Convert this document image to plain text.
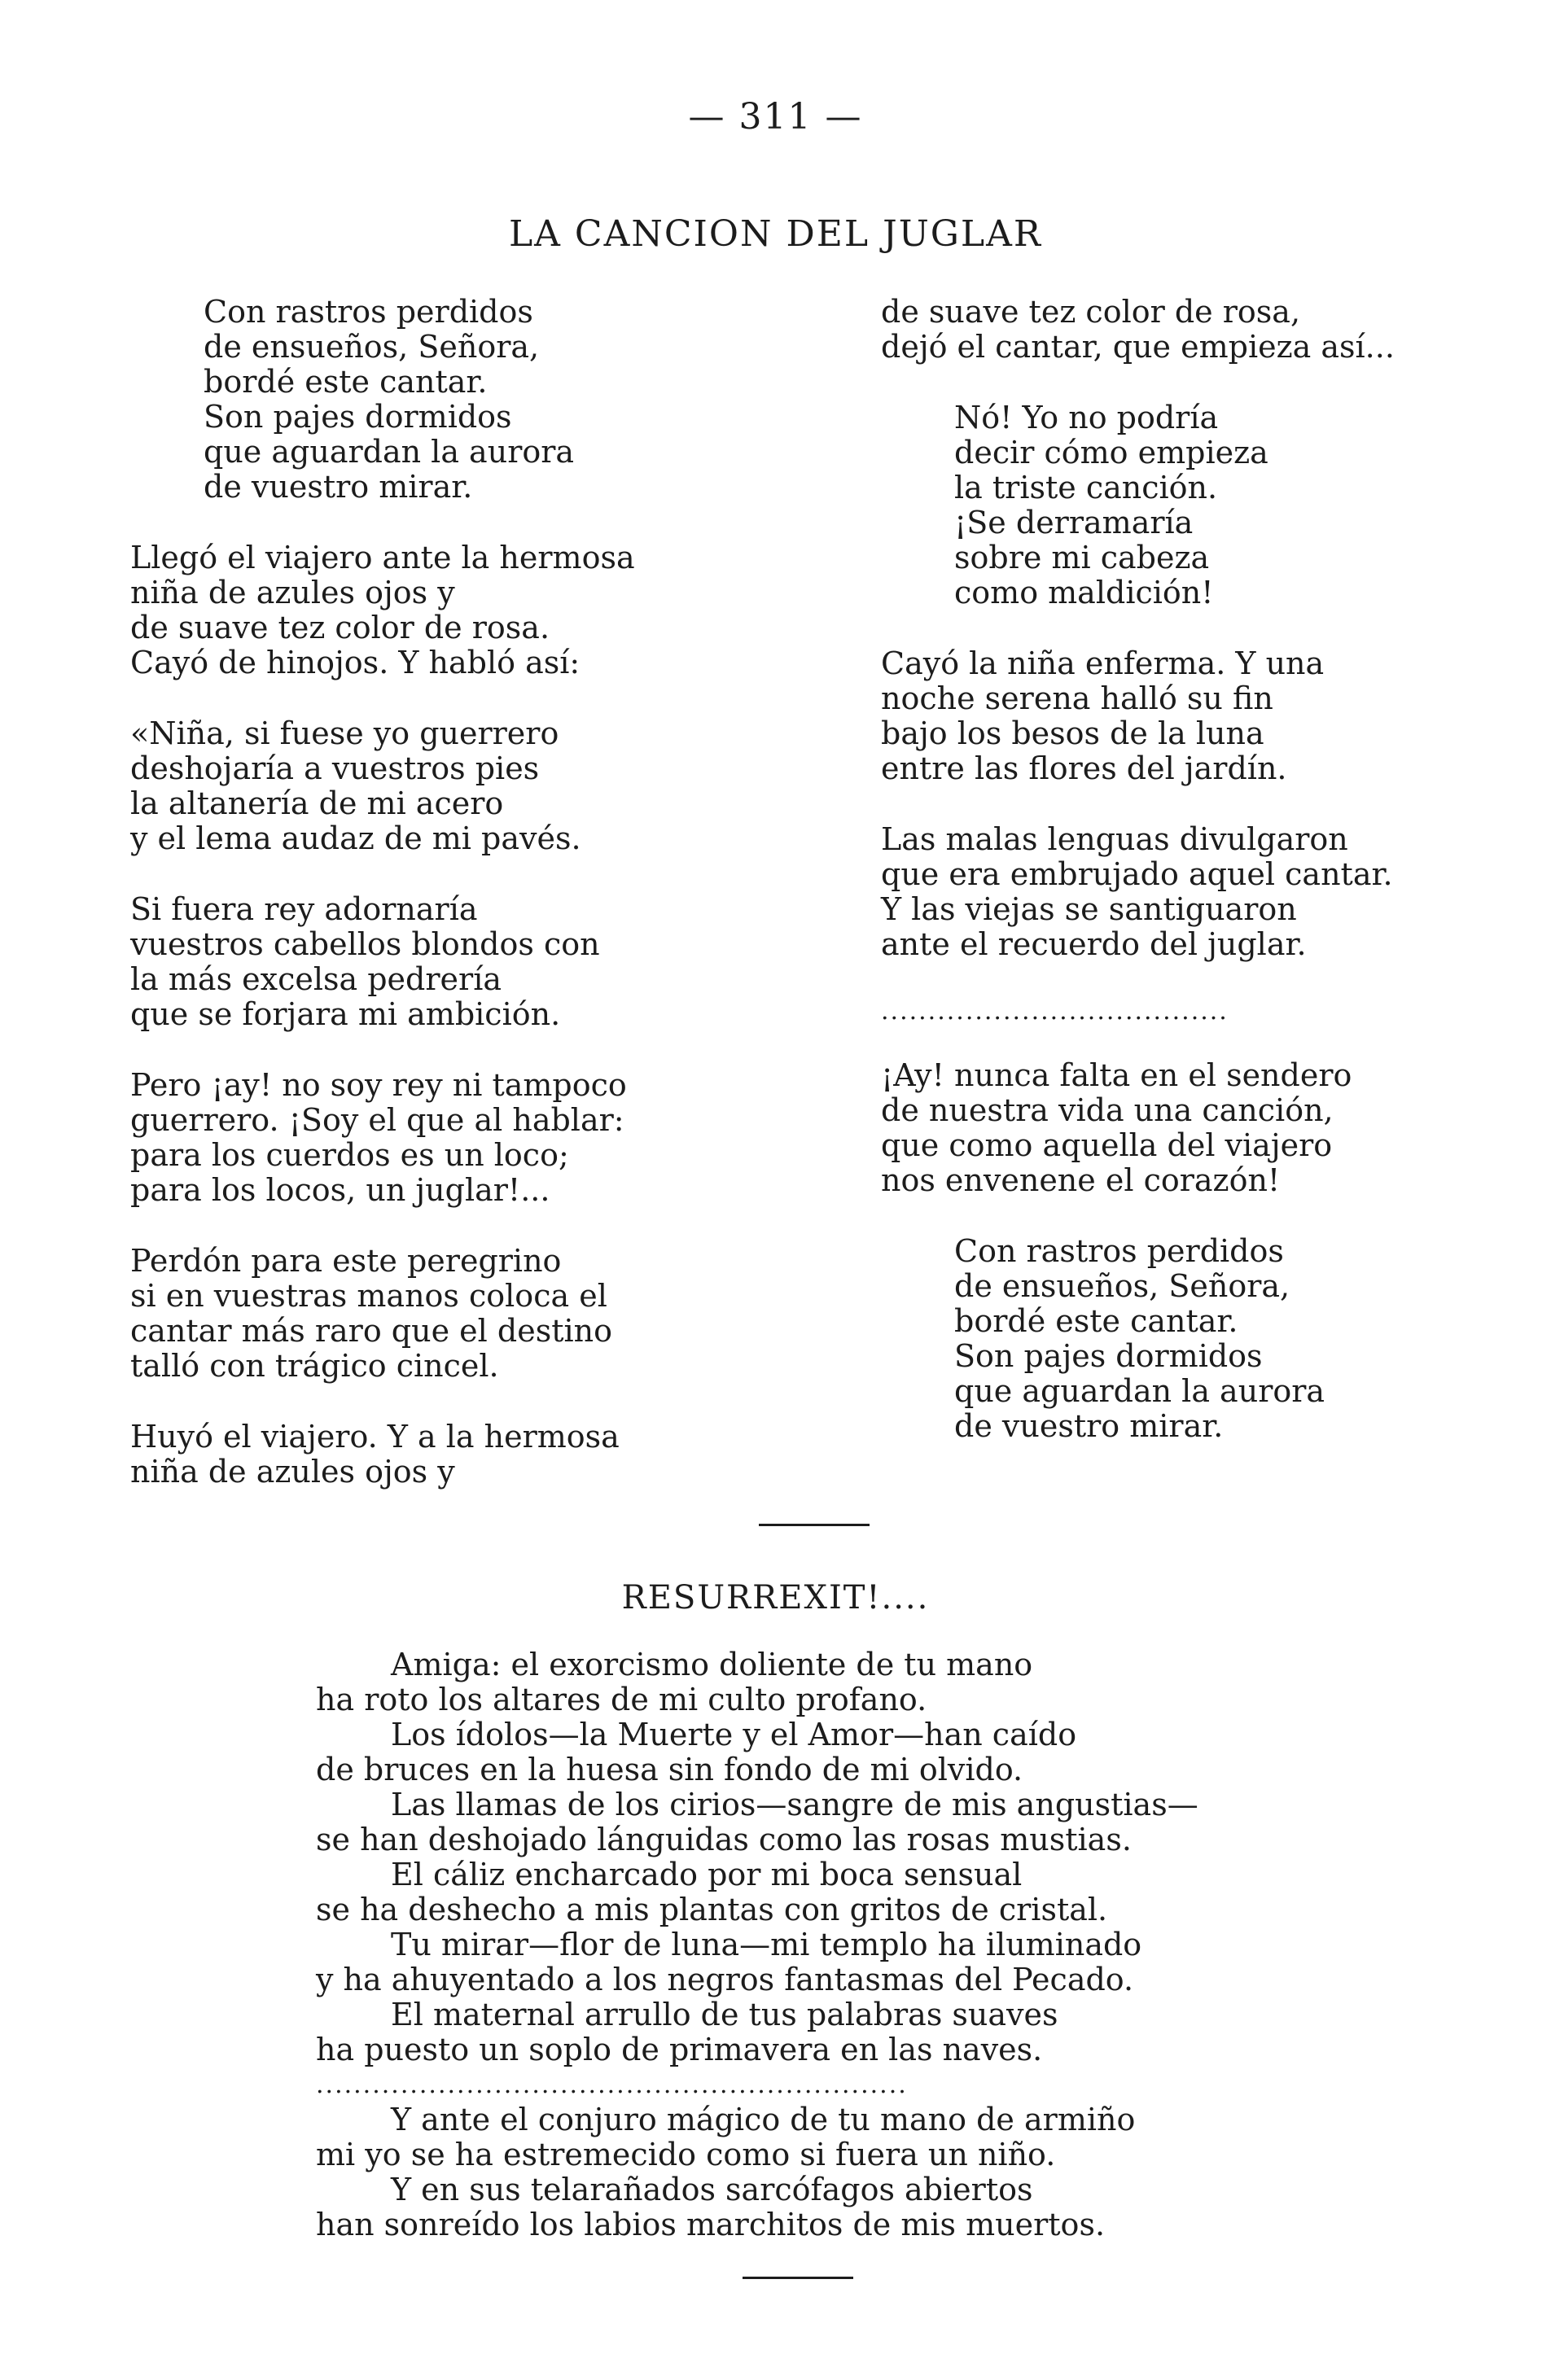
— 311 —
LA CANCION DEL JUGLAR
Con rastros perdidos
de ensueños, Señora,
bordé este cantar.
Son pajes dormidos
que aguardan la aurora
de vuestro mirar.
Llegó el viajero ante la hermosa
niña de azules ojos y
de suave tez color de rosa.
Cayó de hinojos. Y habló así:
«Niña, si fuese yo guerrero
deshojaría a vuestros pies
la altanería de mi acero
y el lema audaz de mi pavés.
Si fuera rey adornaría
vuestros cabellos blondos con
la más excelsa pedrería
que se forjara mi ambición.
Pero ¡ay! no soy rey ni tampoco
guerrero. ¡Soy el que al hablar:
para los cuerdos es un loco;
para los locos, un juglar!...
Perdón para este peregrino
si en vuestras manos coloca el
cantar más raro que el destino
talló con trágico cincel.
Huyó el viajero. Y a la hermosa
niña de azules ojos y
de suave tez color de rosa,
dejó el cantar, que empieza así...
Nó! Yo no podría
decir cómo empieza
la triste canción.
¡Se derramaría
sobre mi cabeza
como maldición!
Cayó la niña enferma. Y una
noche serena halló su fin
bajo los besos de la luna
entre las flores del jardín.
Las malas lenguas divulgaron
que era embrujado aquel cantar.
Y las viejas se santiguaron
ante el recuerdo del juglar.
.....................................
¡Ay! nunca falta en el sendero
de nuestra vida una canción,
que como aquella del viajero
nos envenene el corazón!
Con rastros perdidos
de ensueños, Señora,
bordé este cantar.
Son pajes dormidos
que aguardan la aurora
de vuestro mirar.
RESURREXIT!....
Amiga: el exorcismo doliente de tu mano
ha roto los altares de mi culto profano.
Los ídolos—la Muerte y el Amor—han caído
de bruces en la huesa sin fondo de mi olvido.
Las llamas de los cirios—sangre de mis angustias—
se han deshojado lánguidas como las rosas mustias.
El cáliz encharcado por mi boca sensual
se ha deshecho a mis plantas con gritos de cristal.
Tu mirar—flor de luna—mi templo ha iluminado
y ha ahuyentado a los negros fantasmas del Pecado.
El maternal arrullo de tus palabras suaves
ha puesto un soplo de primavera en las naves.
...............................................................
Y ante el conjuro mágico de tu mano de armiño
mi yo se ha estremecido como si fuera un niño.
Y en sus telarañados sarcófagos abiertos
han sonreído los labios marchitos de mis muertos.
